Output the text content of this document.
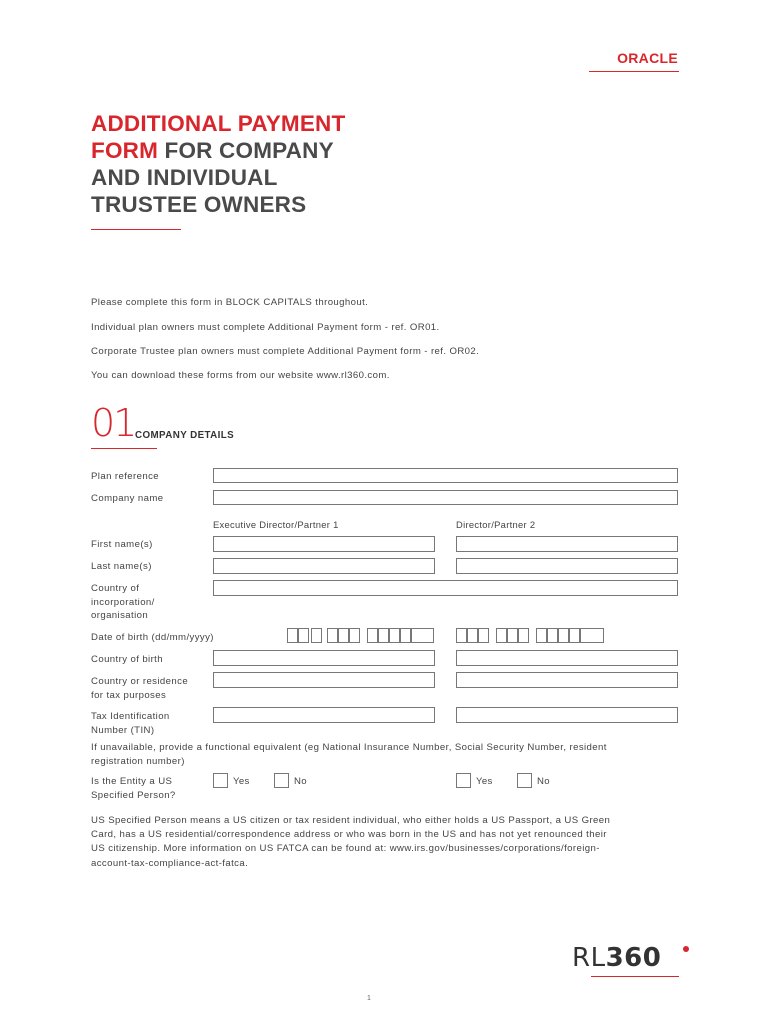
ORACLE
ADDITIONAL PAYMENT
FORM FOR COMPANY
AND INDIVIDUAL
TRUSTEE OWNERS
Please complete this form in BLOCK CAPITALS throughout.
Individual plan owners must complete Additional Payment form - ref. OR01.
Corporate Trustee plan owners must complete Additional Payment form - ref. OR02.
You can download these forms from our website www.rl360.com.
01 COMPANY DETAILS
Plan reference
Company name
Executive Director/Partner 1	Director/Partner 2
First name(s)
Last name(s)
Country of
incorporation/
organisation
Date of birth (dd/mm/yyyy)
Country of birth
Country or residence
for tax purposes
Tax Identification
Number (TIN)
If unavailable, provide a functional equivalent (eg National Insurance Number, Social Security Number, resident
registration number)
Is the Entity a US
Specified Person?
Yes	No	Yes	No
US Specified Person means a US citizen or tax resident individual, who either holds a US Passport, a US Green
Card, has a US residential/correspondence address or who was born in the US and has not yet renounced their
US citizenship. More information on US FATCA can be found at: www.irs.gov/businesses/corporations/foreign-
account-tax-compliance-act-fatca.
RL360
1
